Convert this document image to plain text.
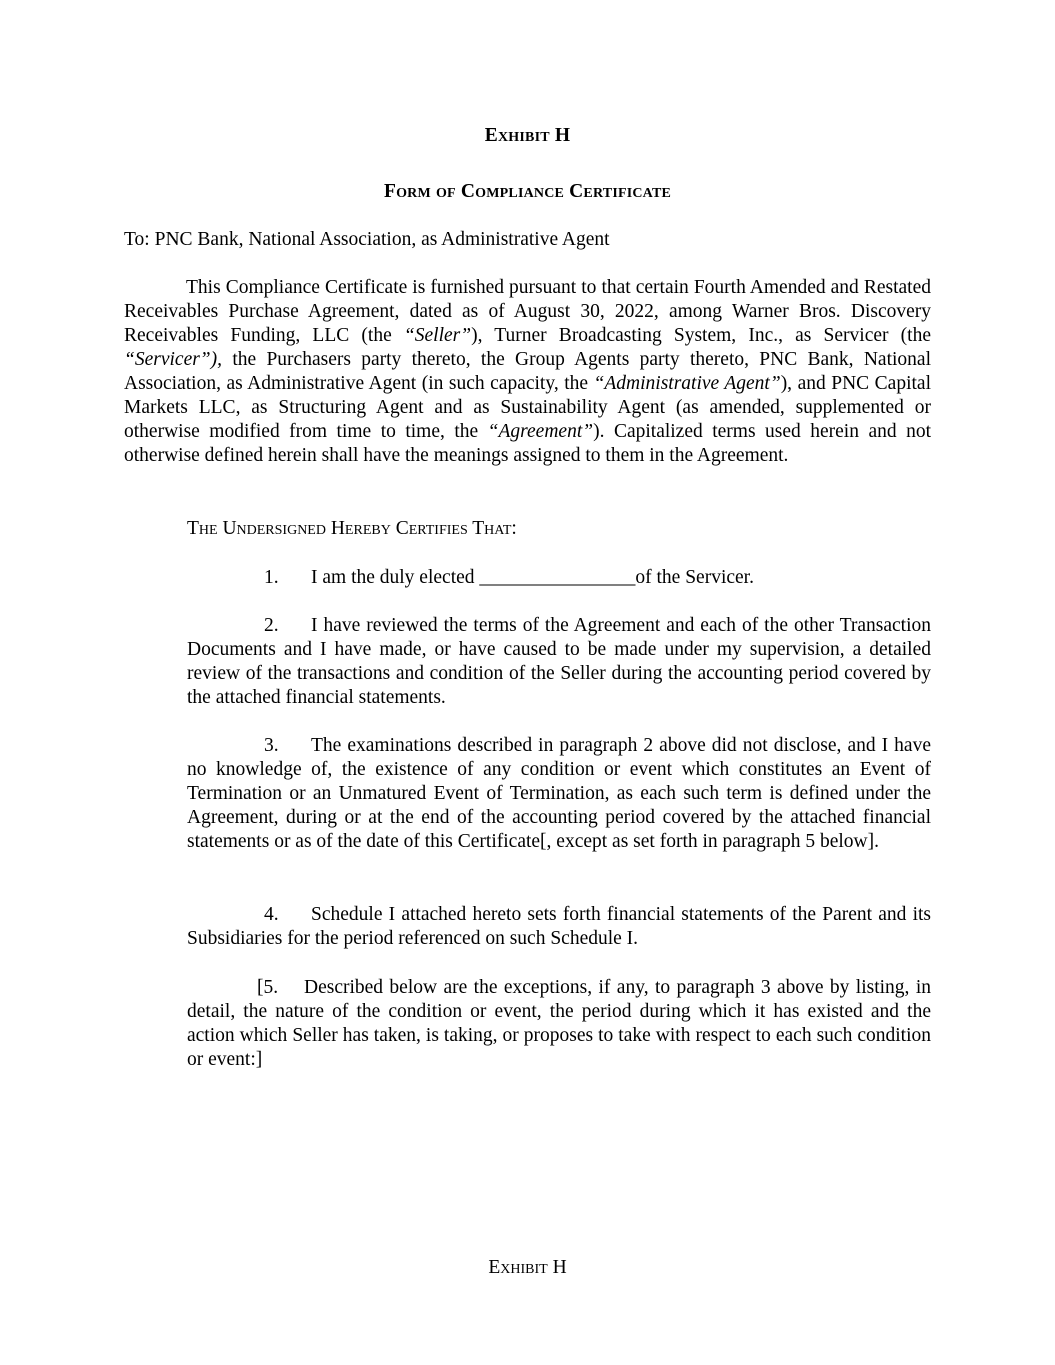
Exhibit H
Form of Compliance Certificate

To: PNC Bank, National Association, as Administrative Agent

This Compliance Certificate is furnished pursuant to that certain Fourth Amended and Restated Receivables Purchase Agreement, dated as of August 30, 2022, among Warner Bros. Discovery Receivables Funding, LLC (the “Seller”), Turner Broadcasting System, Inc., as Servicer (the “Servicer”), the Purchasers party thereto, the Group Agents party thereto, PNC Bank, National Association, as Administrative Agent (in such capacity, the “Administrative Agent”), and PNC Capital Markets LLC, as Structuring Agent and as Sustainability Agent (as amended, supplemented or otherwise modified from time to time, the “Agreement”). Capitalized terms used herein and not otherwise defined herein shall have the meanings assigned to them in the Agreement.

The Undersigned Hereby Certifies That:

1. I am the duly elected ________________of the Servicer.

2. I have reviewed the terms of the Agreement and each of the other Transaction Documents and I have made, or have caused to be made under my supervision, a detailed review of the transactions and condition of the Seller during the accounting period covered by the attached financial statements.

3. The examinations described in paragraph 2 above did not disclose, and I have no knowledge of, the existence of any condition or event which constitutes an Event of Termination or an Unmatured Event of Termination, as each such term is defined under the Agreement, during or at the end of the accounting period covered by the attached financial statements or as of the date of this Certificate[, except as set forth in paragraph 5 below].

4. Schedule I attached hereto sets forth financial statements of the Parent and its Subsidiaries for the period referenced on such Schedule I.

[5. Described below are the exceptions, if any, to paragraph 3 above by listing, in detail, the nature of the condition or event, the period during which it has existed and the action which Seller has taken, is taking, or proposes to take with respect to each such condition or event:]

Exhibit H
